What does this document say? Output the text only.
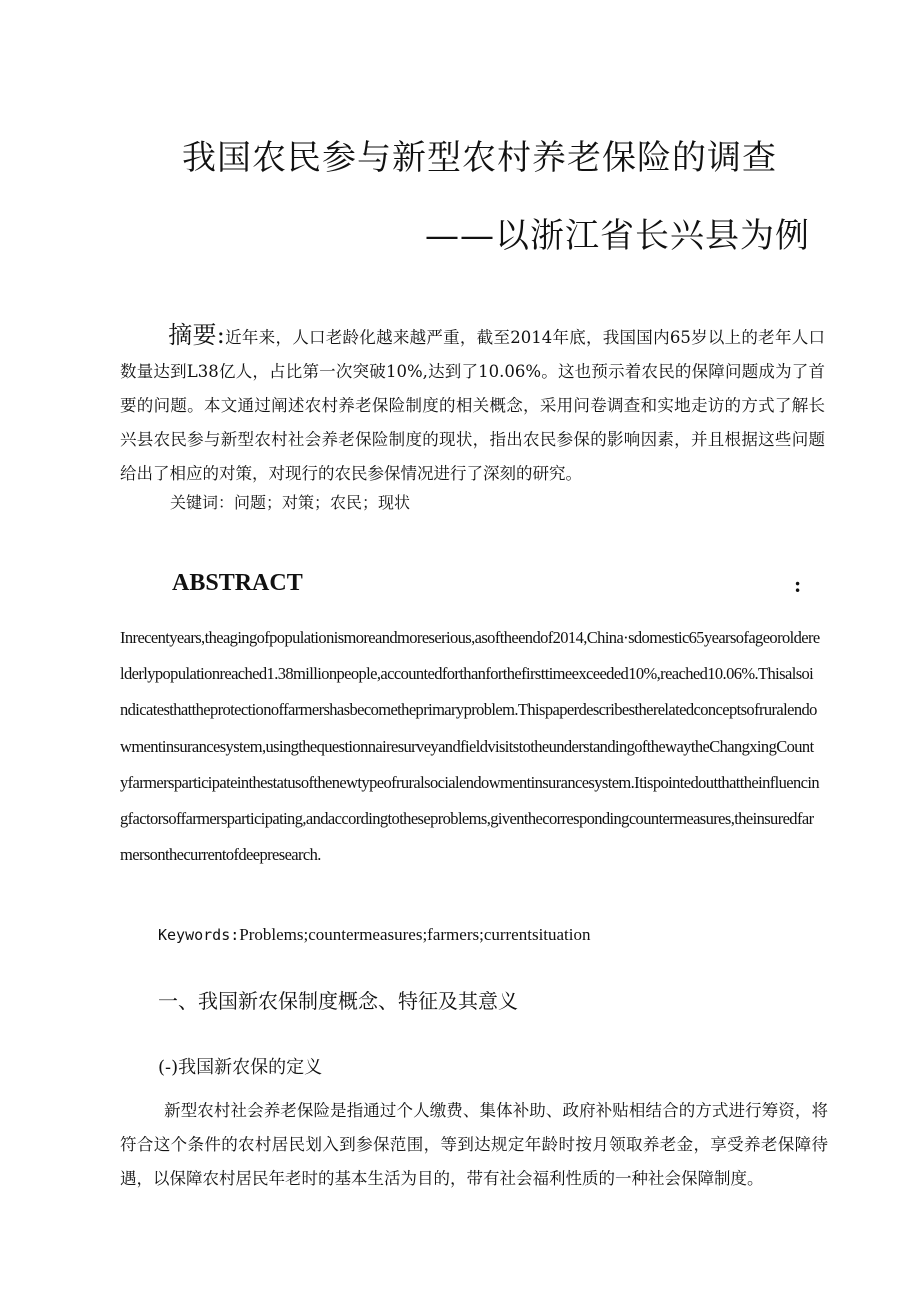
我国农民参与新型农村养老保险的调查
——以浙江省长兴县为例
摘要:近年来，人口老龄化越来越严重，截至2014年底，我国国内65岁以上的老年人口数量达到L38亿人，占比第一次突破10%,达到了10.06%。这也预示着农民的保障问题成为了首要的问题。本文通过阐述农村养老保险制度的相关概念，采用问卷调查和实地走访的方式了解长兴县农民参与新型农村社会养老保险制度的现状，指出农民参保的影响因素，并且根据这些问题给出了相应的对策，对现行的农民参保情况进行了深刻的研究。
关键词：问题；对策；农民；现状
ABSTRACT	:
Inrecentyears,theagingofpopulationismoreandmoreserious,asoftheendof2014,China·sdomestic65yearsofageorolderelderlypopulationreached1.38millionpeople,accountedforthanforthefirsttimeexceeded10%,reached10.06%.Thisalsoindicatesthattheprotectionoffarmershasbecometheprimaryproblem.Thispaperdescribestherelatedconceptsofruralendowmentinsurancesystem,usingthequestionnairesurveyandfieldvisitstotheunderstandingofthewaytheChangxingCountyfarmersparticipateinthestatusofthenewtypeofruralsocialendowmentinsurancesystem.Itispointedoutthattheinfluencingfactorsoffarmersparticipating,andaccordingtotheseproblems,giventhecorrespondingcountermeasures,theinsuredfarmersonthecurrentofdeepresearch.
Keywords:Problems;countermeasures;farmers;currentsituation
一、我国新农保制度概念、特征及其意义
(-)我国新农保的定义
新型农村社会养老保险是指通过个人缴费、集体补助、政府补贴相结合的方式进行筹资，将符合这个条件的农村居民划入到参保范围，等到达规定年龄时按月领取养老金，享受养老保障待遇，以保障农村居民年老时的基本生活为目的，带有社会福利性质的一种社会保障制度。
